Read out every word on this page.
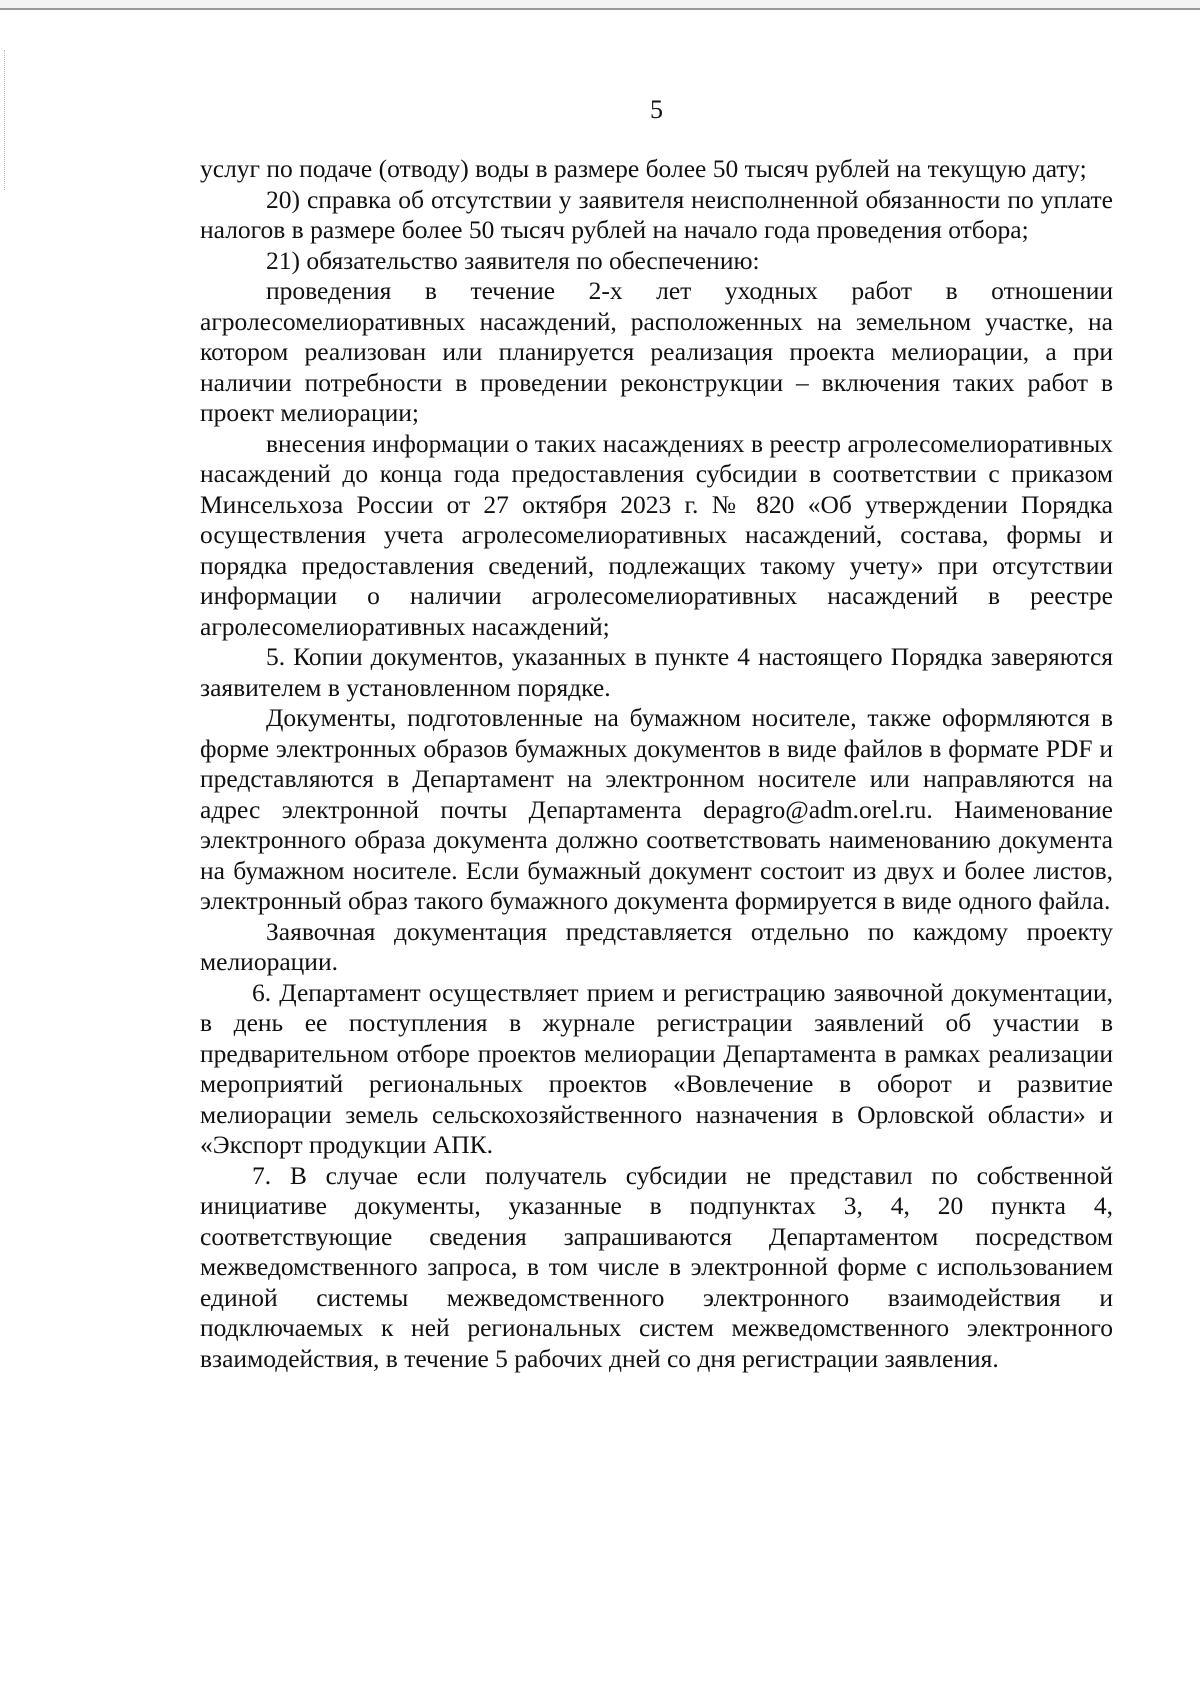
5

услуг по подаче (отводу) воды в размере более 50 тысяч рублей на текущую дату;

20) справка об отсутствии у заявителя неисполненной обязанности по уплате налогов в размере более 50 тысяч рублей на начало года проведения отбора;

21) обязательство заявителя по обеспечению:

проведения в течение 2-х лет уходных работ в отношении агролесомелиоративных насаждений, расположенных на земельном участке, на котором реализован или планируется реализация проекта мелиорации, а при наличии потребности в проведении реконструкции – включения таких работ в проект мелиорации;

внесения информации о таких насаждениях в реестр агролесомелиоративных насаждений до конца года предоставления субсидии в соответствии с приказом Минсельхоза России от 27 октября 2023 г. № 820 «Об утверждении Порядка осуществления учета агролесомелиоративных насаждений, состава, формы и порядка предоставления сведений, подлежащих такому учету» при отсутствии информации о наличии агролесомелиоративных насаждений в реестре агролесомелиоративных насаждений;

5. Копии документов, указанных в пункте 4 настоящего Порядка заверяются заявителем в установленном порядке.

Документы, подготовленные на бумажном носителе, также оформляются в форме электронных образов бумажных документов в виде файлов в формате PDF и представляются в Департамент на электронном носителе или направляются на адрес электронной почты Департамента depagro@adm.orel.ru. Наименование электронного образа документа должно соответствовать наименованию документа на бумажном носителе. Если бумажный документ состоит из двух и более листов, электронный образ такого бумажного документа формируется в виде одного файла.

Заявочная документация представляется отдельно по каждому проекту мелиорации.

6. Департамент осуществляет прием и регистрацию заявочной документации, в день ее поступления в журнале регистрации заявлений об участии в предварительном отборе проектов мелиорации Департамента в рамках реализации мероприятий региональных проектов «Вовлечение в оборот и развитие мелиорации земель сельскохозяйственного назначения в Орловской области» и «Экспорт продукции АПК.

7. В случае если получатель субсидии не представил по собственной инициативе документы, указанные в подпунктах 3, 4, 20 пункта 4, соответствующие сведения запрашиваются Департаментом посредством межведомственного запроса, в том числе в электронной форме с использованием единой системы межведомственного электронного взаимодействия и подключаемых к ней региональных систем межведомственного электронного взаимодействия, в течение 5 рабочих дней со дня регистрации заявления.
